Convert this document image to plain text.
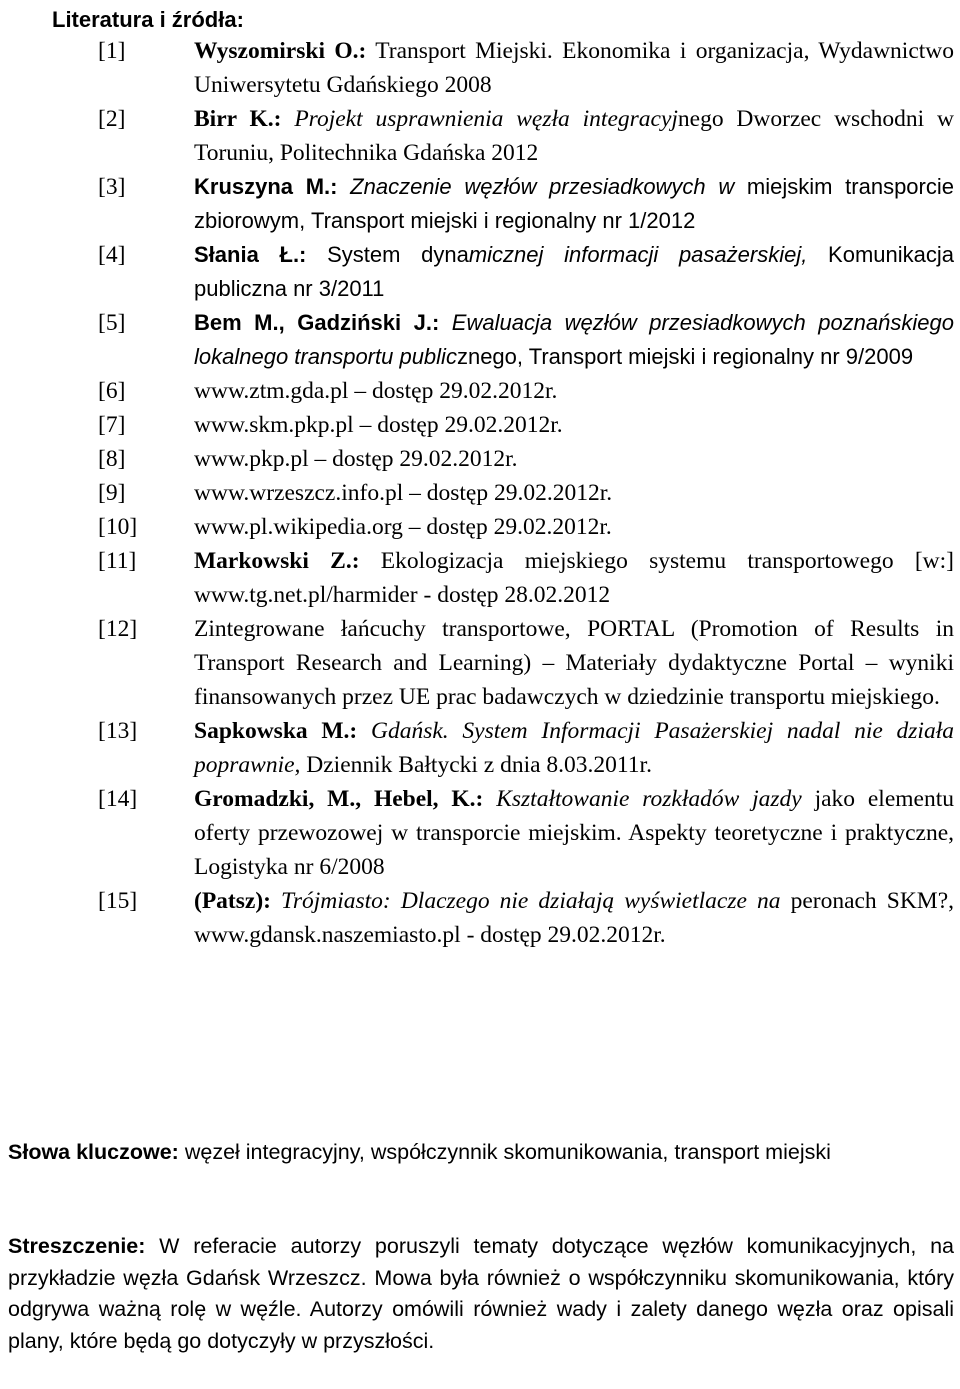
Literatura i źródła:
[1]	Wyszomirski O.: Transport Miejski. Ekonomika i organizacja, Wydawnictwo Uniwersytetu Gdańskiego 2008
[2]	Birr K.: Projekt usprawnienia węzła integracyjnego Dworzec wschodni w Toruniu, Politechnika Gdańska 2012
[3]	Kruszyna M.: Znaczenie węzłów przesiadkowych w miejskim transporcie zbiorowym, Transport miejski i regionalny nr 1/2012
[4]	Słania Ł.: System dynamicznej informacji pasażerskiej, Komunikacja publiczna nr 3/2011
[5]	Bem M., Gadziński J.: Ewaluacja węzłów przesiadkowych poznańskiego lokalnego transportu publicznego, Transport miejski i regionalny nr 9/2009
[6]	www.ztm.gda.pl – dostęp 29.02.2012r.
[7]	www.skm.pkp.pl – dostęp 29.02.2012r.
[8]	www.pkp.pl – dostęp 29.02.2012r.
[9]	www.wrzeszcz.info.pl – dostęp 29.02.2012r.
[10]	www.pl.wikipedia.org – dostęp 29.02.2012r.
[11]	Markowski Z.: Ekologizacja miejskiego systemu transportowego [w:] www.tg.net.pl/harmider - dostęp 28.02.2012
[12]	Zintegrowane łańcuchy transportowe, PORTAL (Promotion of Results in Transport Research and Learning) – Materiały dydaktyczne Portal – wyniki finansowanych przez UE prac badawczych w dziedzinie transportu miejskiego.
[13]	Sapkowska M.: Gdańsk. System Informacji Pasażerskiej nadal nie działa poprawnie, Dziennik Bałtycki z dnia 8.03.2011r.
[14]	Gromadzki, M., Hebel, K.: Kształtowanie rozkładów jazdy jako elementu oferty przewozowej w transporcie miejskim. Aspekty teoretyczne i praktyczne, Logistyka nr 6/2008
[15]	(Patsz): Trójmiasto: Dlaczego nie działają wyświetlacze na peronach SKM?, www.gdansk.naszemiasto.pl - dostęp 29.02.2012r.
Słowa kluczowe: węzeł integracyjny, współczynnik skomunikowania, transport miejski
Streszczenie: W referacie autorzy poruszyli tematy dotyczące węzłów komunikacyjnych, na przykładzie węzła Gdańsk Wrzeszcz. Mowa była również o współczynniku skomunikowania, który odgrywa ważną rolę w węźle. Autorzy omówili również wady i zalety danego węzła oraz opisali plany, które będą go dotyczyły w przyszłości.
